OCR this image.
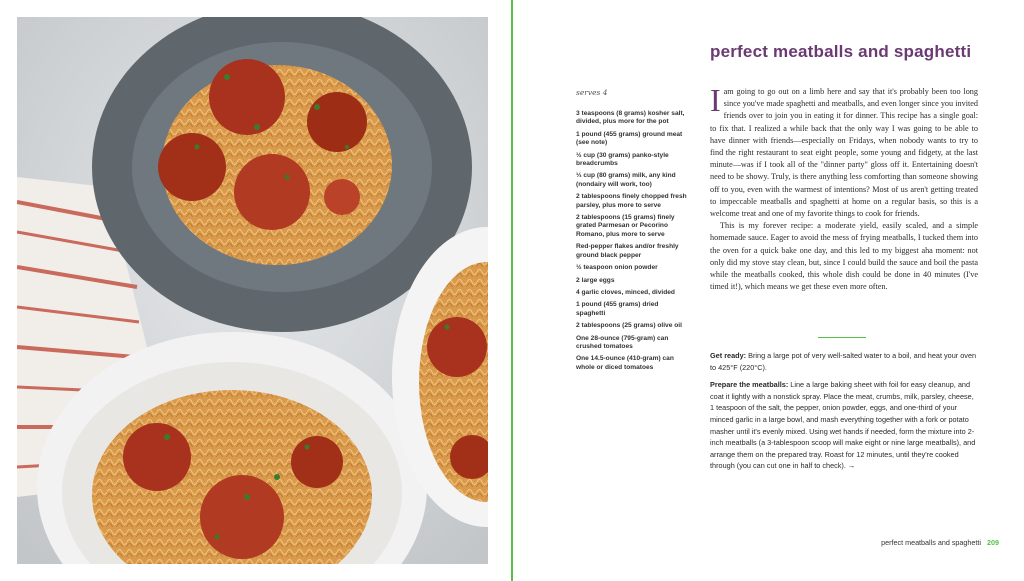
perfect meatballs and spaghetti

serves 4

3 teaspoons (8 grams) kosher salt, divided, plus more for the pot
1 pound (455 grams) ground meat (see note)
½ cup (30 grams) panko-style breadcrumbs
⅓ cup (80 grams) milk, any kind (nondairy will work, too)
2 tablespoons finely chopped fresh parsley, plus more to serve
2 tablespoons (15 grams) finely grated Parmesan or Pecorino Romano, plus more to serve
Red-pepper flakes and/or freshly ground black pepper
½ teaspoon onion powder
2 large eggs
4 garlic cloves, minced, divided
1 pound (455 grams) dried spaghetti
2 tablespoons (25 grams) olive oil
One 28-ounce (795-gram) can crushed tomatoes
One 14.5-ounce (410-gram) can whole or diced tomatoes

Iam going to go out on a limb here and say that it's probably been too long since you've made spaghetti and meatballs, and even longer since you invited friends over to join you in eating it for dinner. This recipe has a single goal: to fix that. I realized a while back that the only way I was going to be able to have dinner with friends—especially on Fridays, when nobody wants to try to find the right restaurant to seat eight people, some young and fidgety, at the last minute—was if I took all of the "dinner party" gloss off it. Entertaining doesn't need to be showy. Truly, is there anything less comforting than someone showing off to you, even with the warmest of intentions? Most of us aren't getting treated to impeccable meatballs and spaghetti at home on a regular basis, so this is a welcome treat and one of my favorite things to cook for friends.

This is my forever recipe: a moderate yield, easily scaled, and a simple homemade sauce. Eager to avoid the mess of frying meatballs, I tucked them into the oven for a quick bake one day, and this led to my biggest aha moment: not only did my stove stay clean, but, since I could build the sauce and boil the pasta while the meatballs cooked, this whole dish could be done in 40 minutes (I've timed it!), which means we get these even more often.

Get ready: Bring a large pot of very well-salted water to a boil, and heat your oven to 425°F (220°C).

Prepare the meatballs: Line a large baking sheet with foil for easy cleanup, and coat it lightly with a nonstick spray. Place the meat, crumbs, milk, parsley, cheese, 1 teaspoon of the salt, the pepper, onion powder, eggs, and one-third of your minced garlic in a large bowl, and mash everything together with a fork or potato masher until it's evenly mixed. Using wet hands if needed, form the mixture into 2-inch meatballs (a 3-tablespoon scoop will make eight or nine large meatballs), and arrange them on the prepared tray. Roast for 12 minutes, until they're cooked through (you can cut one in half to check). →

perfect meatballs and spaghetti 209
